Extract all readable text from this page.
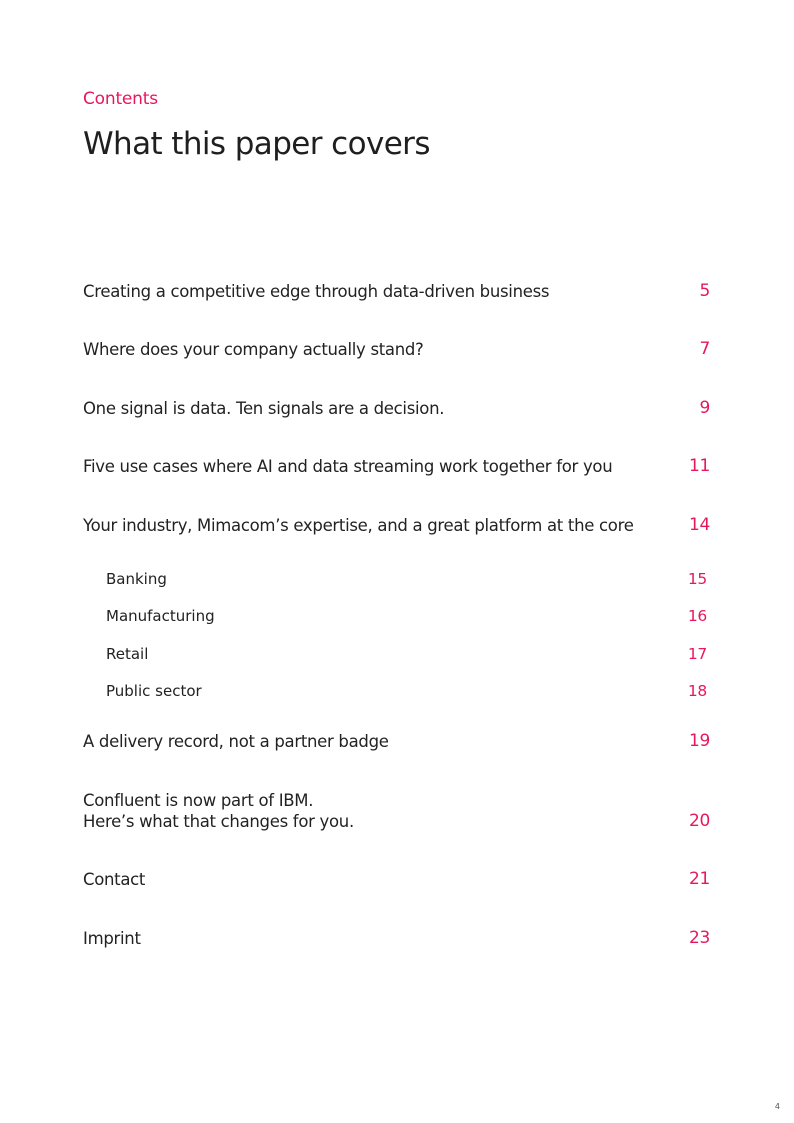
Contents
What this paper covers
Creating a competitive edge through data-driven business	5
Where does your company actually stand?	7
One signal is data. Ten signals are a decision.	9
Five use cases where AI and data streaming work together for you	11
Your industry, Mimacom’s expertise, and a great platform at the core	14
Banking	15
Manufacturing	16
Retail	17
Public sector	18
A delivery record, not a partner badge	19
Confluent is now part of IBM.
Here’s what that changes for you.	20
Contact	21
Imprint	23
4
